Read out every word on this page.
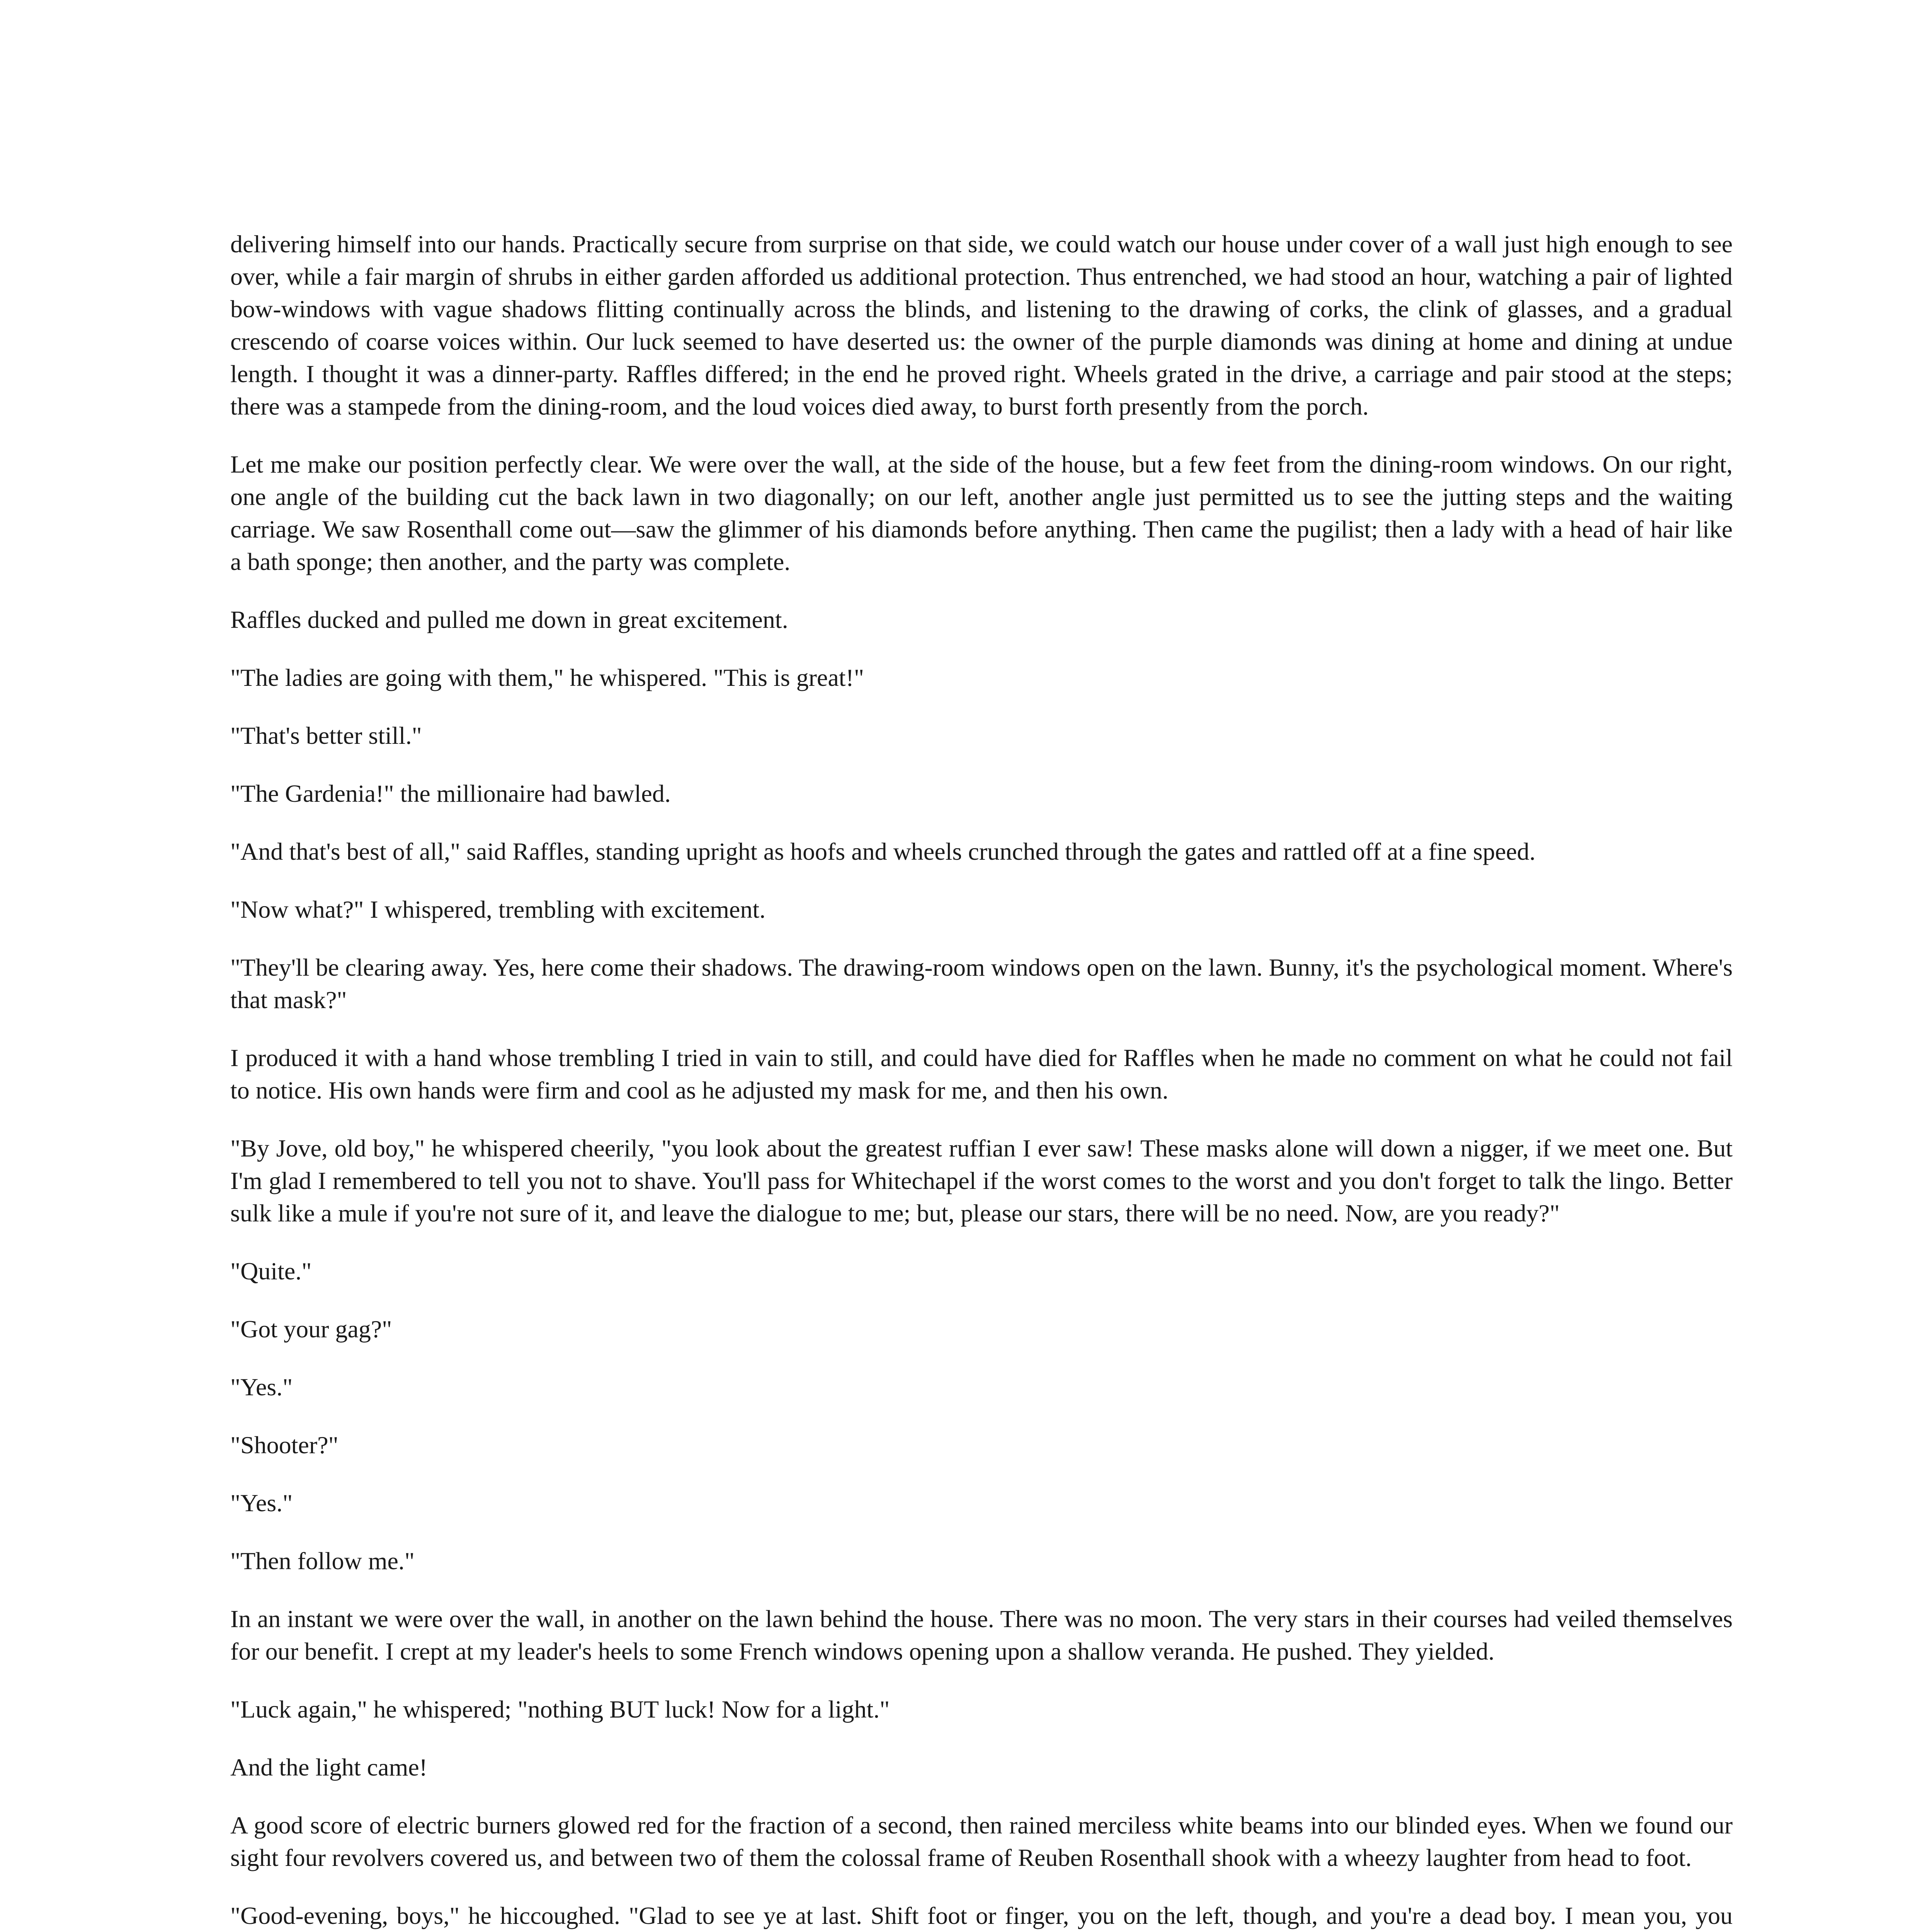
delivering himself into our hands. Practically secure from surprise on that side, we could watch our house under cover of a wall just high enough to see over, while a fair margin of shrubs in either garden afforded us additional protection. Thus entrenched, we had stood an hour, watching a pair of lighted bow-windows with vague shadows flitting continually across the blinds, and listening to the drawing of corks, the clink of glasses, and a gradual crescendo of coarse voices within. Our luck seemed to have deserted us: the owner of the purple diamonds was dining at home and dining at undue length. I thought it was a dinner-party. Raffles differed; in the end he proved right. Wheels grated in the drive, a carriage and pair stood at the steps; there was a stampede from the dining-room, and the loud voices died away, to burst forth presently from the porch.

Let me make our position perfectly clear. We were over the wall, at the side of the house, but a few feet from the dining-room windows. On our right, one angle of the building cut the back lawn in two diagonally; on our left, another angle just permitted us to see the jutting steps and the waiting carriage. We saw Rosenthall come out—saw the glimmer of his diamonds before anything. Then came the pugilist; then a lady with a head of hair like a bath sponge; then another, and the party was complete.

Raffles ducked and pulled me down in great excitement.

"The ladies are going with them," he whispered. "This is great!"

"That's better still."

"The Gardenia!" the millionaire had bawled.

"And that's best of all," said Raffles, standing upright as hoofs and wheels crunched through the gates and rattled off at a fine speed.

"Now what?" I whispered, trembling with excitement.

"They'll be clearing away. Yes, here come their shadows. The drawing-room windows open on the lawn. Bunny, it's the psychological moment. Where's that mask?"

I produced it with a hand whose trembling I tried in vain to still, and could have died for Raffles when he made no comment on what he could not fail to notice. His own hands were firm and cool as he adjusted my mask for me, and then his own.

"By Jove, old boy," he whispered cheerily, "you look about the greatest ruffian I ever saw! These masks alone will down a nigger, if we meet one. But I'm glad I remembered to tell you not to shave. You'll pass for Whitechapel if the worst comes to the worst and you don't forget to talk the lingo. Better sulk like a mule if you're not sure of it, and leave the dialogue to me; but, please our stars, there will be no need. Now, are you ready?"

"Quite."

"Got your gag?"

"Yes."

"Shooter?"

"Yes."

"Then follow me."

In an instant we were over the wall, in another on the lawn behind the house. There was no moon. The very stars in their courses had veiled themselves for our benefit. I crept at my leader's heels to some French windows opening upon a shallow veranda. He pushed. They yielded.

"Luck again," he whispered; "nothing BUT luck! Now for a light."

And the light came!

A good score of electric burners glowed red for the fraction of a second, then rained merciless white beams into our blinded eyes. When we found our sight four revolvers covered us, and between two of them the colossal frame of Reuben Rosenthall shook with a wheezy laughter from head to foot.

"Good-evening, boys," he hiccoughed. "Glad to see ye at last. Shift foot or finger, you on the left, though, and you're a dead boy. I mean you, you
